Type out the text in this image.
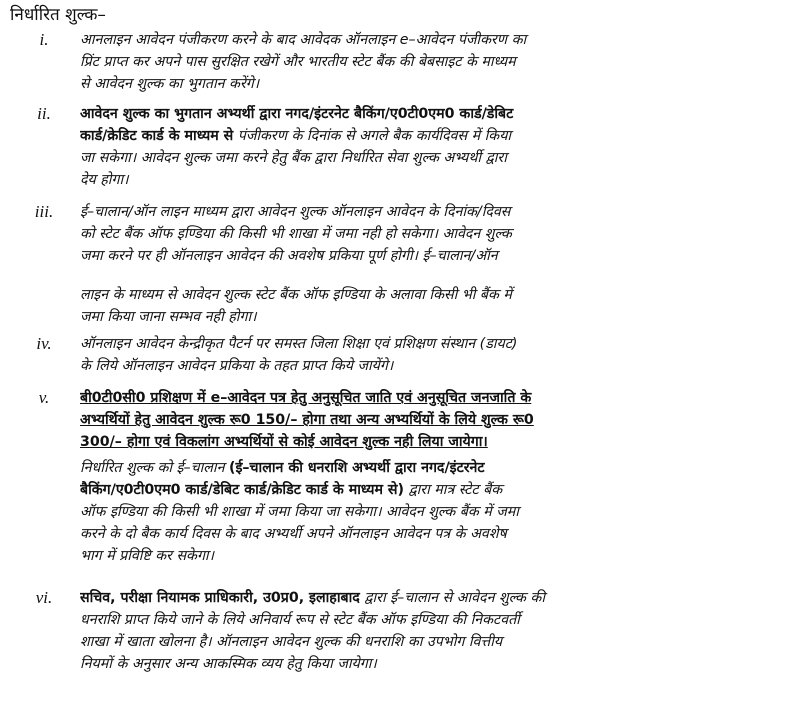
निर्धारित शुल्क–
i.	आनलाइन आवेदन पंजीकरण करने के बाद आवेदक ऑनलाइन e–आवेदन पंजीकरण का
प्रिंट प्राप्त कर अपने पास सुरक्षित रखेगें और भारतीय स्टेट बैंक की बेबसाइट के माध्यम
से आवेदन शुल्क का भुगतान करेंगे।
ii.	आवेदन शुल्क का भुगतान अभ्यर्थी द्वारा नगद/इंटरनेट बैकिंग/ए0टी0एम0 कार्ड/डेबिट
कार्ड/क्रेडिट कार्ड के माध्यम से पंजीकरण के दिनांक से अगले बैक कार्यदिवस में किया
जा सकेगा। आवेदन शुल्क जमा करने हेतु बैंक द्वारा निर्धारित सेवा शुल्क अभ्यर्थी द्वारा
देय होगा।
iii.	ई–चालान/ऑन लाइन माध्यम द्वारा आवेदन शुल्क ऑनलाइन आवेदन के दिनांक/दिवस
को स्टेट बैंक ऑफ इण्डिया की किसी भी शाखा में जमा नही हो सकेगा। आवेदन शुल्क
जमा करने पर ही ऑनलाइन आवेदन की अवशेष प्रकिया पूर्ण होगी। ई–चालान/ऑन
लाइन के माध्यम से आवेदन शुल्क स्टेट बैंक ऑफ इण्डिया के अलावा किसी भी बैंक में
जमा किया जाना सम्भव नही होगा।
iv.	ऑनलाइन आवेदन केन्द्रीकृत पैटर्न पर समस्त जिला शिक्षा एवं प्रशिक्षण संस्थान (डायट)
के लिये ऑनलाइन आवेदन प्रकिया के तहत प्राप्त किये जायेंगे।
v.	बी0टी0सी0 प्रशिक्षण में e–आवेदन पत्र हेतु अनुसूचित जाति एवं अनुसूचित जनजाति के
अभ्यर्थियों हेतु आवेदन शुल्क रू0 150/– होगा तथा अन्य अभ्यर्थियों के लिये शुल्क रू0
300/– होगा एवं विकलांग अभ्यर्थियों से कोई आवेदन शुल्क नही लिया जायेगा।
निर्धारित शुल्क को ई–चालान (ई–चालान की धनराशि अभ्यर्थी द्वारा नगद/इंटरनेट
बैकिंग/ए0टी0एम0 कार्ड/डेबिट कार्ड/क्रेडिट कार्ड के माध्यम से) द्वारा मात्र स्टेट बैंक
ऑफ इण्डिया की किसी भी शाखा में जमा किया जा सकेगा। आवेदन शुल्क बैंक में जमा
करने के दो बैक कार्य दिवस के बाद अभ्यर्थी अपने ऑनलाइन आवेदन पत्र के अवशेष
भाग में प्रविष्टि कर सकेगा।
vi.	सचिव, परीक्षा नियामक प्राधिकारी, उ0प्र0, इलाहाबाद द्वारा ई–चालान से आवेदन शुल्क की
धनराशि प्राप्त किये जाने के लिये अनिवार्य रूप से स्टेट बैंक ऑफ इण्डिया की निकटवर्ती
शाखा में खाता खोलना है। ऑनलाइन आवेदन शुल्क की धनराशि का उपभोग वित्तीय
नियमों के अनुसार अन्य आकस्मिक व्यय हेतु किया जायेगा।
